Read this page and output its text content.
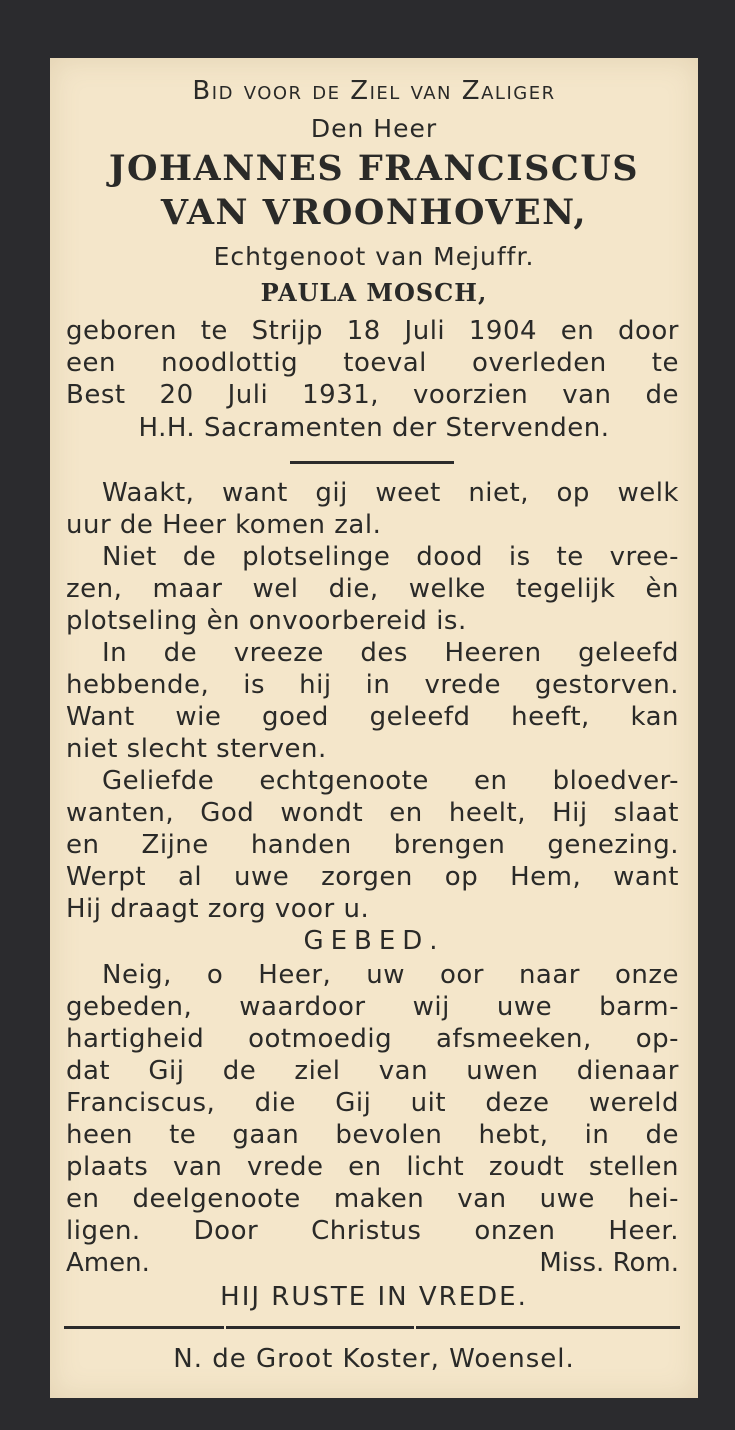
Bid voor de Ziel van Zaliger
Den Heer
JOHANNES FRANCISCUS
VAN VROONHOVEN,
Echtgenoot van Mejuffr.
PAULA MOSCH,
geboren te Strijp 18 Juli 1904 en door
een noodlottig toeval overleden te
Best 20 Juli 1931, voorzien van de
H.H. Sacramenten der Stervenden.
Waakt, want gij weet niet, op welk
uur de Heer komen zal.
Niet de plotselinge dood is te vree-
zen, maar wel die, welke tegelijk èn
plotseling èn onvoorbereid is.
In de vreeze des Heeren geleefd
hebbende, is hij in vrede gestorven.
Want wie goed geleefd heeft, kan
niet slecht sterven.
Geliefde echtgenoote en bloedver-
wanten, God wondt en heelt, Hij slaat
en Zijne handen brengen genezing.
Werpt al uwe zorgen op Hem, want
Hij draagt zorg voor u.
GEBED.
Neig, o Heer, uw oor naar onze
gebeden, waardoor wij uwe barm-
hartigheid ootmoedig afsmeeken, op-
dat Gij de ziel van uwen dienaar
Franciscus, die Gij uit deze wereld
heen te gaan bevolen hebt, in de
plaats van vrede en licht zoudt stellen
en deelgenoote maken van uwe hei-
ligen. Door Christus onzen Heer.
Amen.	Miss. Rom.
HIJ RUSTE IN VREDE.
N. de Groot Koster, Woensel.
